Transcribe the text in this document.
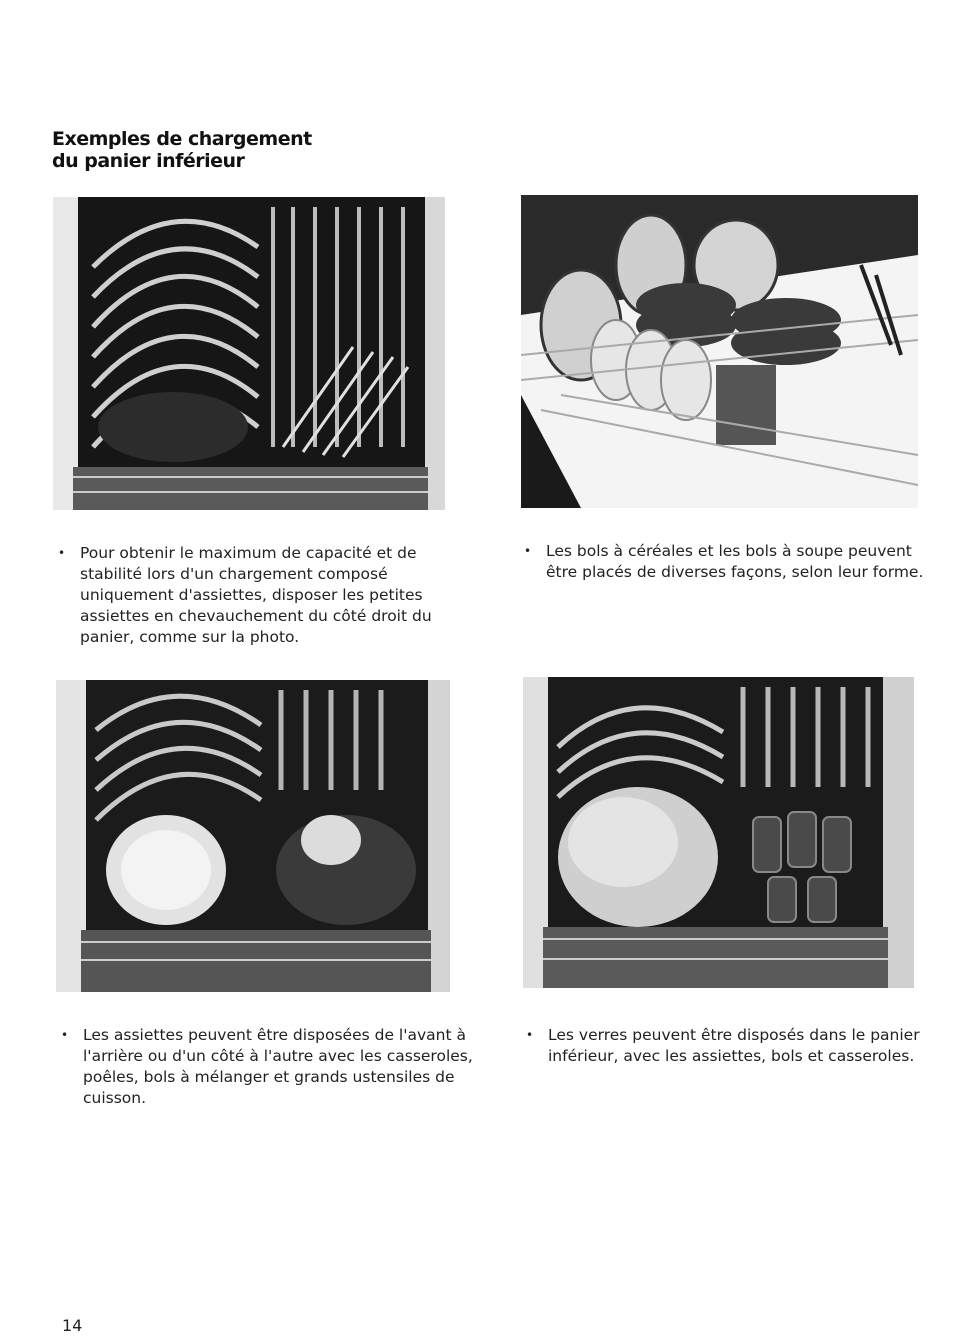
Exemples de chargement
du panier inférieur
• Pour obtenir le maximum de capacité et de stabilité lors d'un chargement composé uniquement d'assiettes, disposer les petites assiettes en chevauchement du côté droit du panier, comme sur la photo.
• Les bols à céréales et les bols à soupe peuvent être placés de diverses façons, selon leur forme.
• Les assiettes peuvent être disposées de l'avant à l'arrière ou d'un côté à l'autre avec les casseroles, poêles, bols à mélanger et grands ustensiles de cuisson.
• Les verres peuvent être disposés dans le panier inférieur, avec les assiettes, bols et casseroles.
14
